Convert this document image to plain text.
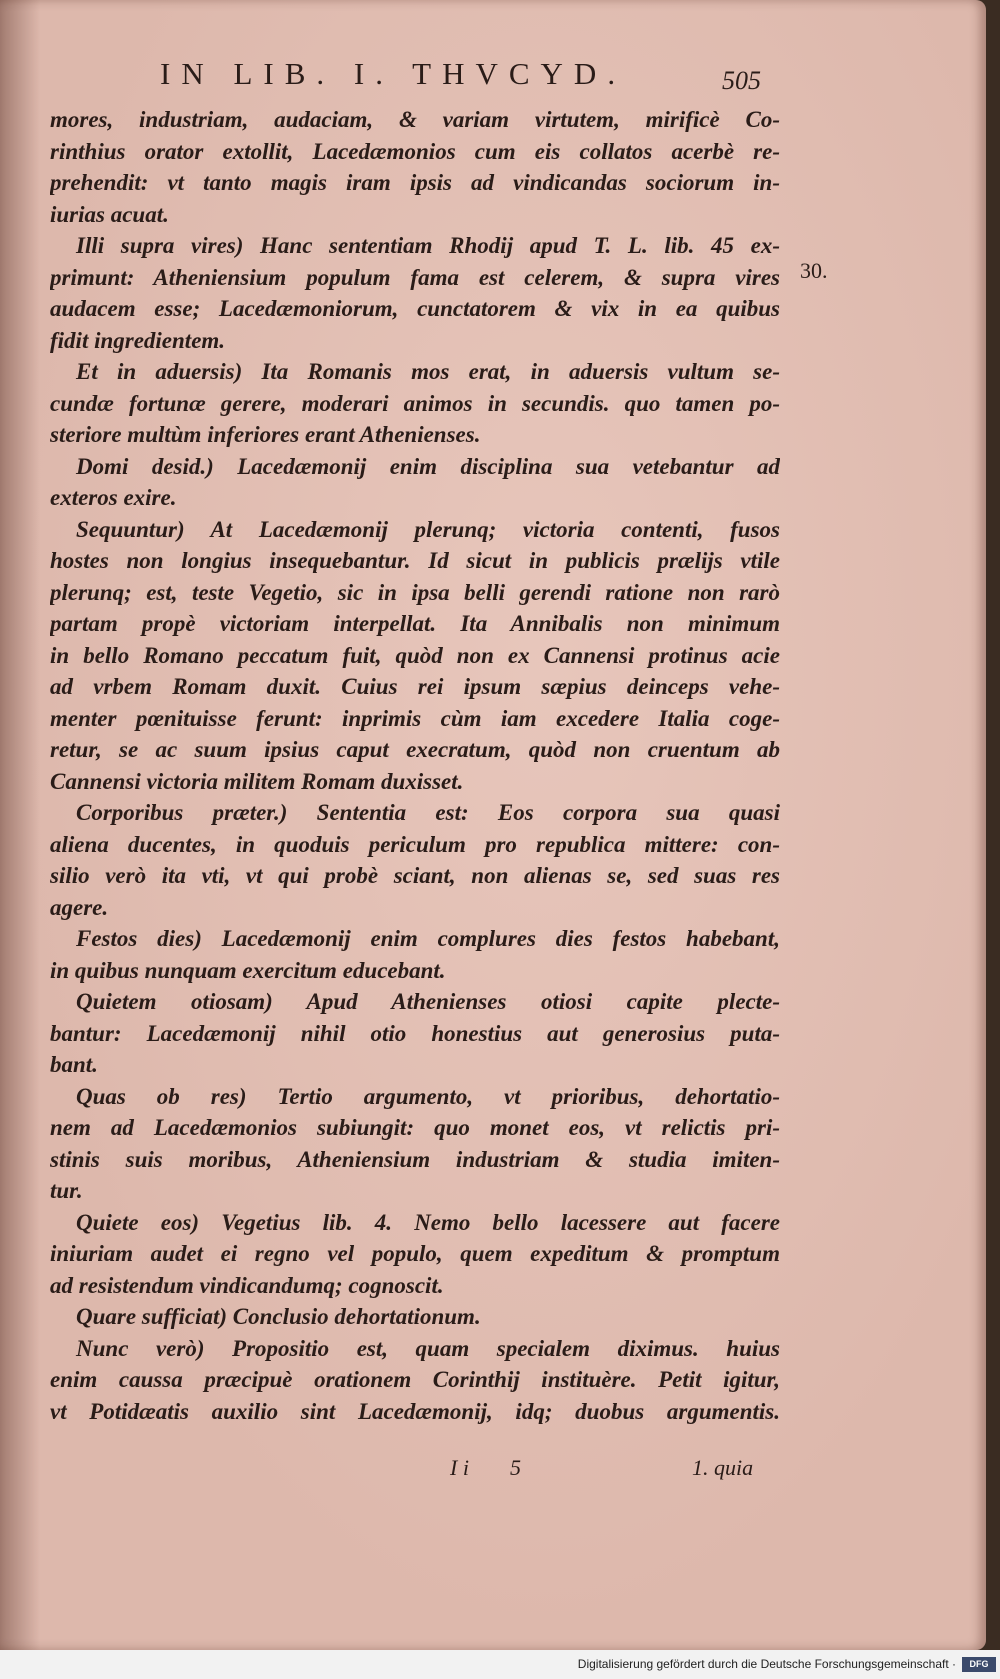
IN LIB. I. THVCYD.	505
30.
mores, industriam, audaciam, & variam virtutem, mirificè Co-
rinthius orator extollit, Lacedæmonios cum eis collatos acerbè re-
prehendit: vt tanto magis iram ipsis ad vindicandas sociorum in-
iurias acuat.
Illi supra vires) Hanc sententiam Rhodij apud T. L. lib. 45 ex-
primunt: Atheniensium populum fama est celerem, & supra vires
audacem esse; Lacedæmoniorum, cunctatorem & vix in ea quibus
fidit ingredientem.
Et in aduersis) Ita Romanis mos erat, in aduersis vultum se-
cundæ fortunæ gerere, moderari animos in secundis. quo tamen po-
steriore multùm inferiores erant Athenienses.
Domi desid.) Lacedæmonij enim disciplina sua vetebantur ad
exteros exire.
Sequuntur) At Lacedæmonij plerunq; victoria contenti, fusos
hostes non longius insequebantur. Id sicut in publicis prælijs vtile
plerunq; est, teste Vegetio, sic in ipsa belli gerendi ratione non rarò
partam propè victoriam interpellat. Ita Annibalis non minimum
in bello Romano peccatum fuit, quòd non ex Cannensi protinus acie
ad vrbem Romam duxit. Cuius rei ipsum sæpius deinceps vehe-
menter pœnituisse ferunt: inprimis cùm iam excedere Italia coge-
retur, se ac suum ipsius caput execratum, quòd non cruentum ab
Cannensi victoria militem Romam duxisset.
Corporibus præter.) Sententia est: Eos corpora sua quasi
aliena ducentes, in quoduis periculum pro republica mittere: con-
silio verò ita vti, vt qui probè sciant, non alienas se, sed suas res
agere.
Festos dies) Lacedæmonij enim complures dies festos habebant,
in quibus nunquam exercitum educebant.
Quietem otiosam) Apud Athenienses otiosi capite plecte-
bantur: Lacedæmonij nihil otio honestius aut generosius puta-
bant.
Quas ob res) Tertio argumento, vt prioribus, dehortatio-
nem ad Lacedæmonios subiungit: quo monet eos, vt relictis pri-
stinis suis moribus, Atheniensium industriam & studia imiten-
tur.
Quiete eos) Vegetius lib. 4. Nemo bello lacessere aut facere
iniuriam audet ei regno vel populo, quem expeditum & promptum
ad resistendum vindicandumq; cognoscit.
Quare sufficiat) Conclusio dehortationum.
Nunc verò) Propositio est, quam specialem diximus. huius
enim caussa præcipuè orationem Corinthij instituère. Petit igitur,
vt Potidæatis auxilio sint Lacedæmonij, idq; duobus argumentis.
I i 5	1. quia
Digitalisierung gefördert durch die Deutsche Forschungsgemeinschaft ·	DFG
